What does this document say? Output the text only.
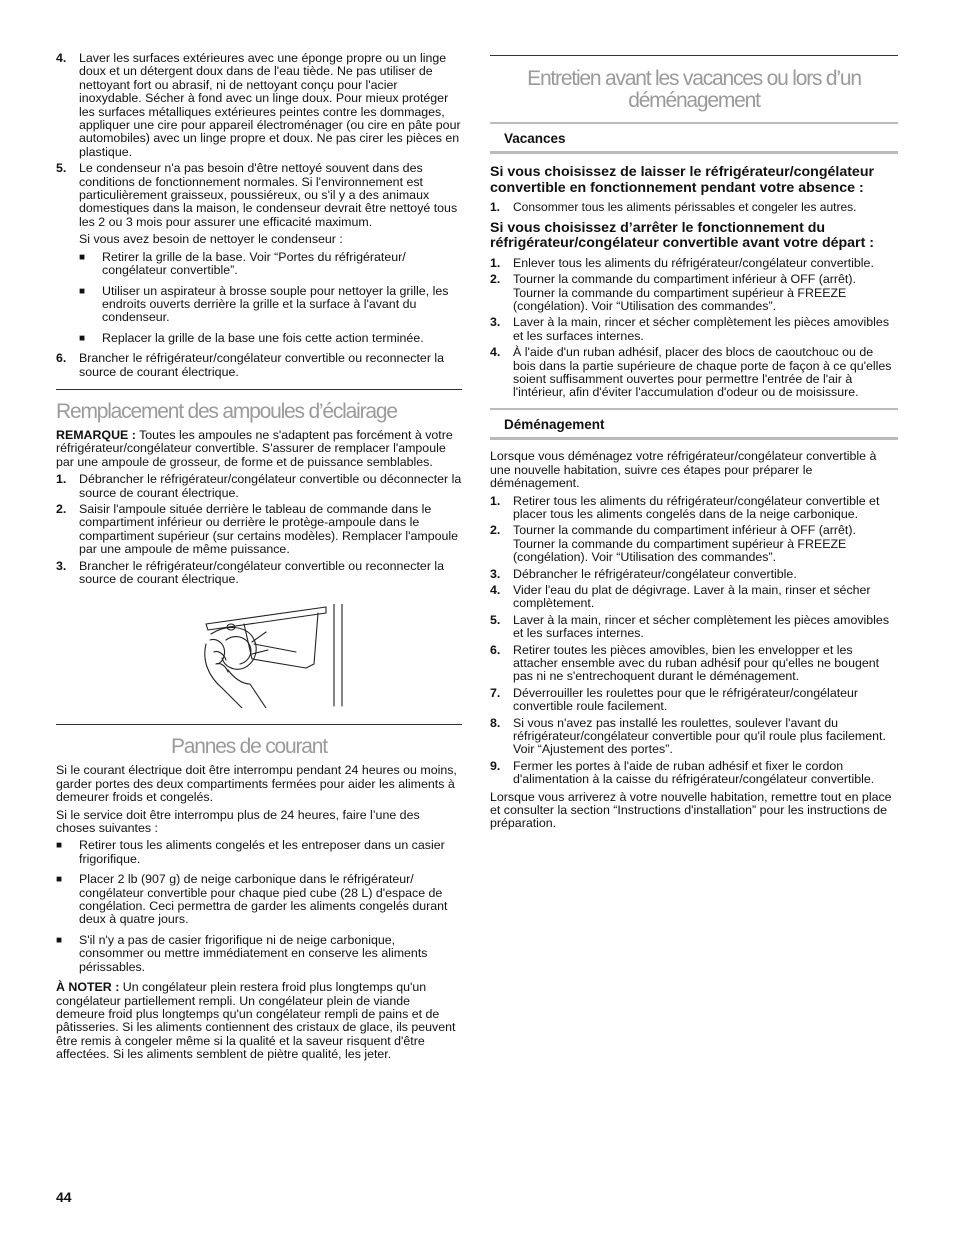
4. Laver les surfaces extérieures avec une éponge propre ou un linge doux et un détergent doux dans de l'eau tiède. Ne pas utiliser de nettoyant fort ou abrasif, ni de nettoyant conçu pour l'acier inoxydable. Sécher à fond avec un linge doux. Pour mieux protéger les surfaces métalliques extérieures peintes contre les dommages, appliquer une cire pour appareil électroménager (ou cire en pâte pour automobiles) avec un linge propre et doux. Ne pas cirer les pièces en plastique.
5. Le condenseur n'a pas besoin d'être nettoyé souvent dans des conditions de fonctionnement normales. Si l'environnement est particulièrement graisseux, poussiéreux, ou s'il y a des animaux domestiques dans la maison, le condenseur devrait être nettoyé tous les 2 ou 3 mois pour assurer une efficacité maximum.
Si vous avez besoin de nettoyer le condenseur :
■ Retirer la grille de la base. Voir “Portes du réfrigérateur/ congélateur convertible”.
■ Utiliser un aspirateur à brosse souple pour nettoyer la grille, les endroits ouverts derrière la grille et la surface à l'avant du condenseur.
■ Replacer la grille de la base une fois cette action terminée.
6. Brancher le réfrigérateur/congélateur convertible ou reconnecter la source de courant électrique.
Remplacement des ampoules d’éclairage

REMARQUE : Toutes les ampoules ne s'adaptent pas forcément à votre réfrigérateur/congélateur convertible. S'assurer de remplacer l'ampoule par une ampoule de grosseur, de forme et de puissance semblables.

1. Débrancher le réfrigérateur/congélateur convertible ou déconnecter la source de courant électrique.
2. Saisir l'ampoule située derrière le tableau de commande dans le compartiment inférieur ou derrière le protège-ampoule dans le compartiment supérieur (sur certains modèles). Remplacer l'ampoule par une ampoule de même puissance.
3. Brancher le réfrigérateur/congélateur convertible ou reconnecter la source de courant électrique.
Pannes de courant

Si le courant électrique doit être interrompu pendant 24 heures ou moins, garder portes des deux compartiments fermées pour aider les aliments à demeurer froids et congelés.

Si le service doit être interrompu plus de 24 heures, faire l’une des choses suivantes :

■ Retirer tous les aliments congelés et les entreposer dans un casier frigorifique.
■ Placer 2 lb (907 g) de neige carbonique dans le réfrigérateur/ congélateur convertible pour chaque pied cube (28 L) d'espace de congélation. Ceci permettra de garder les aliments congelés durant deux à quatre jours.
■ S'il n'y a pas de casier frigorifique ni de neige carbonique, consommer ou mettre immédiatement en conserve les aliments périssables.

À NOTER : Un congélateur plein restera froid plus longtemps qu'un congélateur partiellement rempli. Un congélateur plein de viande demeure froid plus longtemps qu'un congélateur rempli de pains et de pâtisseries. Si les aliments contiennent des cristaux de glace, ils peuvent être remis à congeler même si la qualité et la saveur risquent d'être affectées. Si les aliments semblent de piètre qualité, les jeter.

Entretien avant les vacances ou lors d’un déménagement
Vacances
Si vous choisissez de laisser le réfrigérateur/congélateur convertible en fonctionnement pendant votre absence :
1. Consommer tous les aliments périssables et congeler les autres.
Si vous choisissez d’arrêter le fonctionnement du réfrigérateur/congélateur convertible avant votre départ :
1. Enlever tous les aliments du réfrigérateur/congélateur convertible.
2. Tourner la commande du compartiment inférieur à OFF (arrêt). Tourner la commande du compartiment supérieur à FREEZE (congélation). Voir “Utilisation des commandes”.
3. Laver à la main, rincer et sécher complètement les pièces amovibles et les surfaces internes.
4. À l'aide d'un ruban adhésif, placer des blocs de caoutchouc ou de bois dans la partie supérieure de chaque porte de façon à ce qu'elles soient suffisamment ouvertes pour permettre l'entrée de l'air à l'intérieur, afin d'éviter l'accumulation d'odeur ou de moisissure.
Déménagement

Lorsque vous déménagez votre réfrigérateur/congélateur convertible à une nouvelle habitation, suivre ces étapes pour préparer le déménagement.

1. Retirer tous les aliments du réfrigérateur/congélateur convertible et placer tous les aliments congelés dans de la neige carbonique.
2. Tourner la commande du compartiment inférieur à OFF (arrêt). Tourner la commande du compartiment supérieur à FREEZE (congélation). Voir “Utilisation des commandes”.
3. Débrancher le réfrigérateur/congélateur convertible.
4. Vider l'eau du plat de dégivrage. Laver à la main, rinser et sécher complètement.
5. Laver à la main, rincer et sécher complètement les pièces amovibles et les surfaces internes.
6. Retirer toutes les pièces amovibles, bien les envelopper et les attacher ensemble avec du ruban adhésif pour qu'elles ne bougent pas ni ne s'entrechoquent durant le déménagement.
7. Déverrouiller les roulettes pour que le réfrigérateur/congélateur convertible roule facilement.
8. Si vous n'avez pas installé les roulettes, soulever l'avant du réfrigérateur/congélateur convertible pour qu'il roule plus facilement. Voir “Ajustement des portes”.
9. Fermer les portes à l'aide de ruban adhésif et fixer le cordon d'alimentation à la caisse du réfrigérateur/congélateur convertible.

Lorsque vous arriverez à votre nouvelle habitation, remettre tout en place et consulter la section “Instructions d'installation” pour les instructions de préparation.

44
